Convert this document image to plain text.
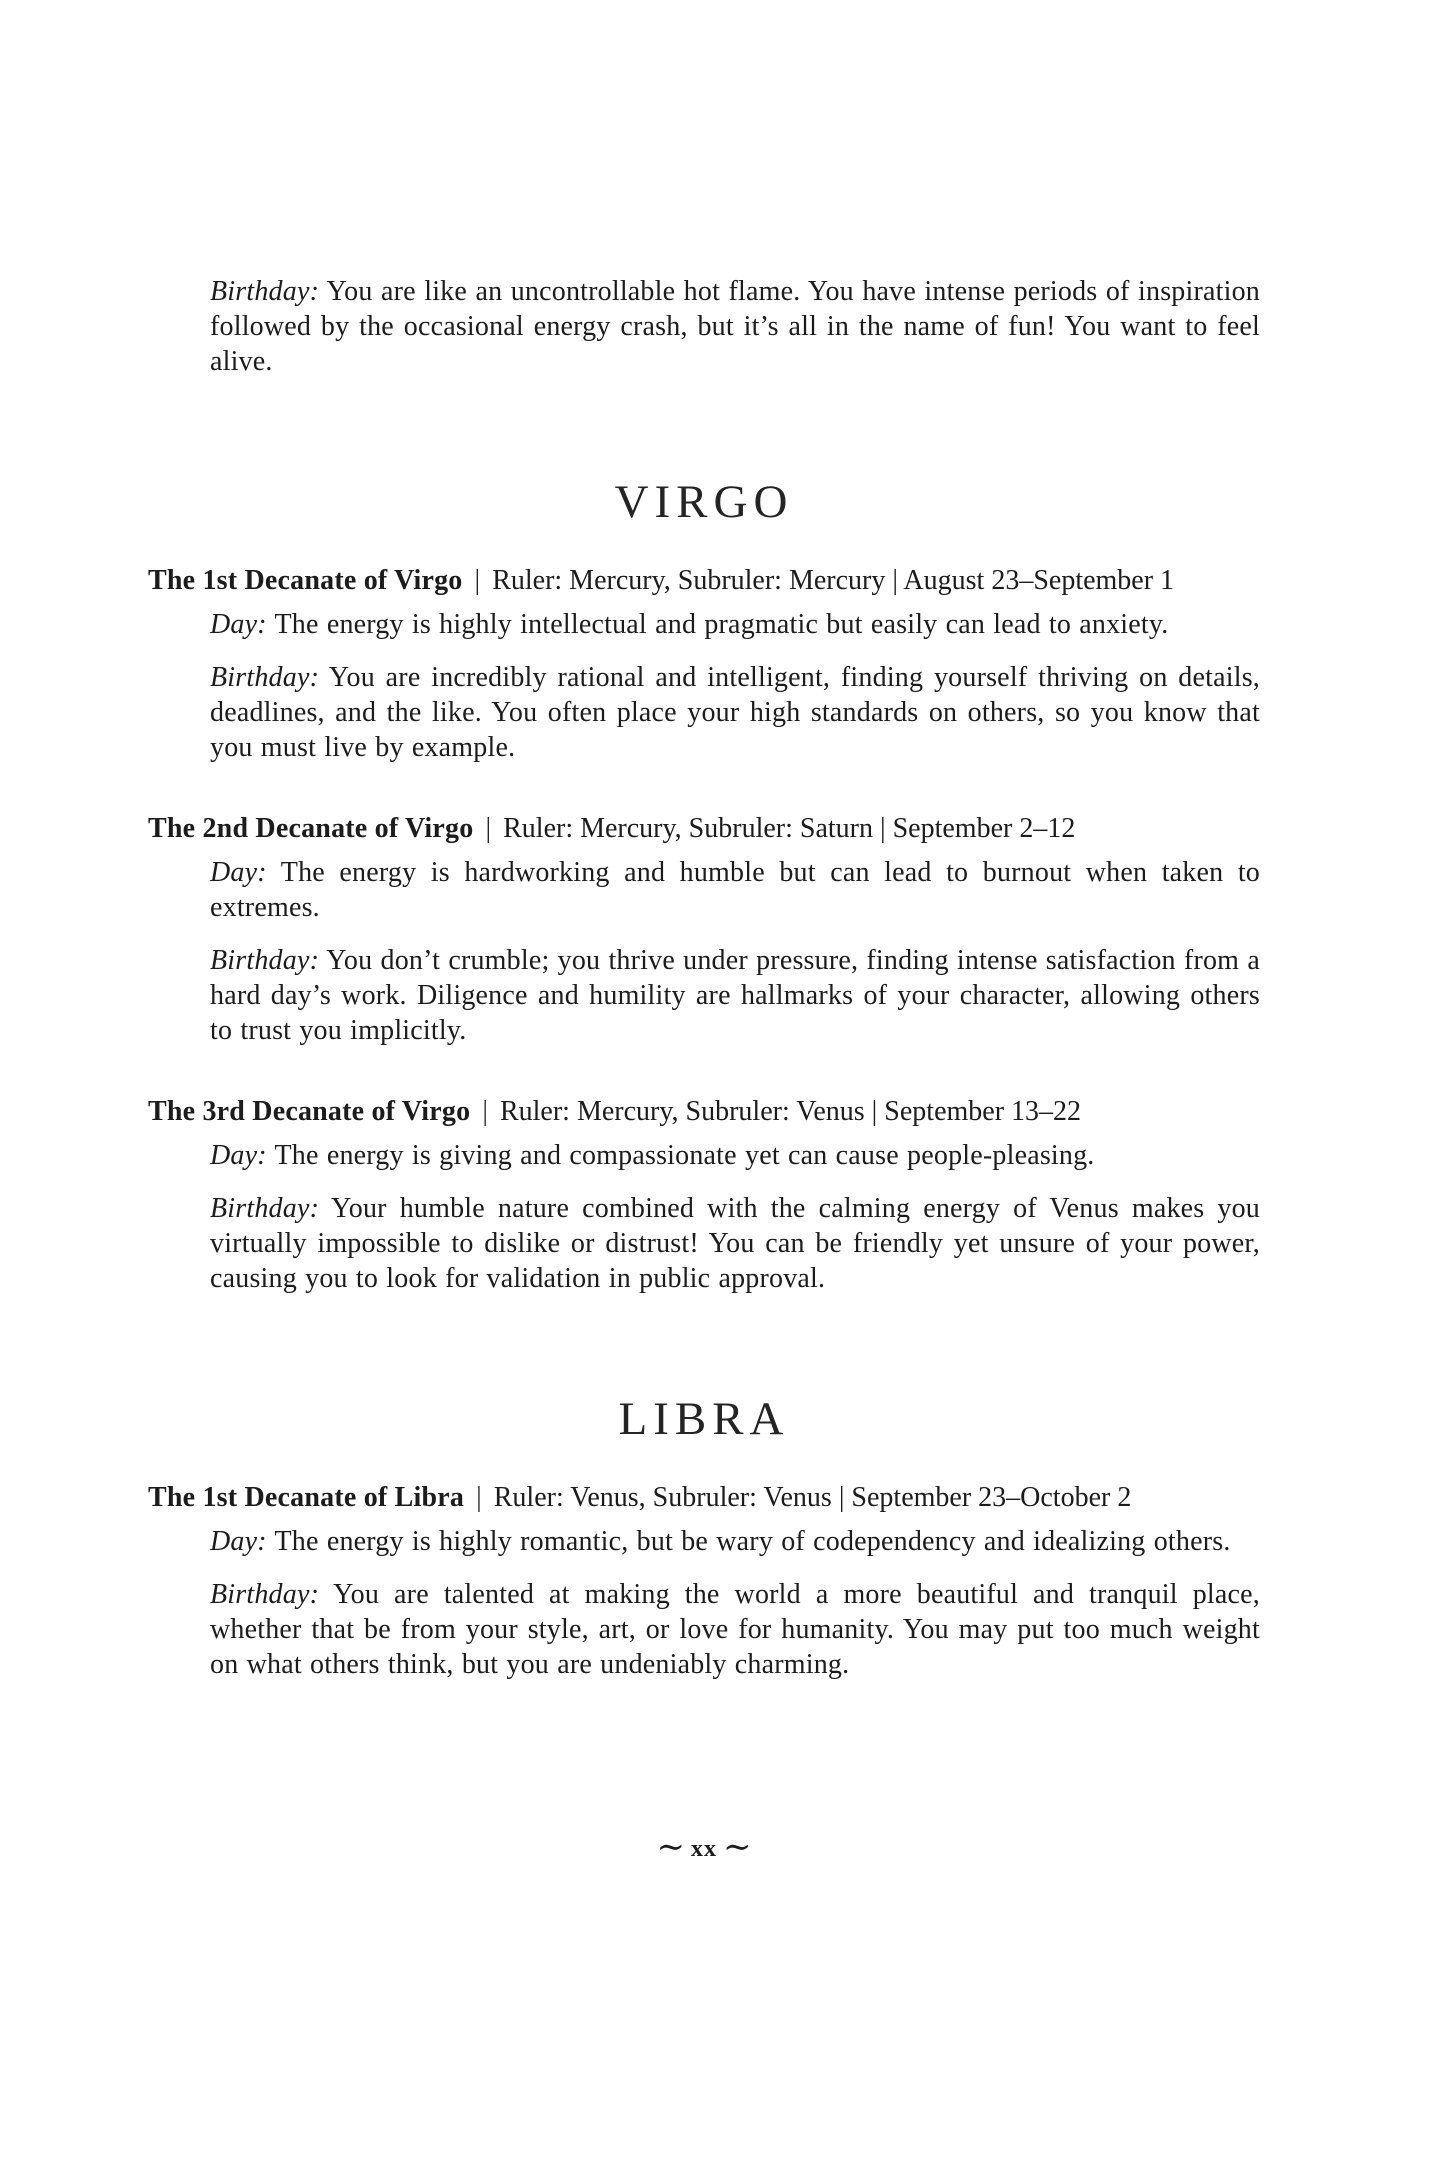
Birthday: You are like an uncontrollable hot flame. You have intense periods of inspiration followed by the occasional energy crash, but it’s all in the name of fun! You want to feel alive.

VIRGO

The 1st Decanate of Virgo | Ruler: Mercury, Subruler: Mercury | August 23–September 1

Day: The energy is highly intellectual and pragmatic but easily can lead to anxiety.

Birthday: You are incredibly rational and intelligent, finding yourself thriving on details, deadlines, and the like. You often place your high standards on others, so you know that you must live by example.

The 2nd Decanate of Virgo | Ruler: Mercury, Subruler: Saturn | September 2–12

Day: The energy is hardworking and humble but can lead to burnout when taken to extremes.

Birthday: You don’t crumble; you thrive under pressure, finding intense satisfaction from a hard day’s work. Diligence and humility are hallmarks of your character, allowing others to trust you implicitly.

The 3rd Decanate of Virgo | Ruler: Mercury, Subruler: Venus | September 13–22

Day: The energy is giving and compassionate yet can cause people-pleasing.

Birthday: Your humble nature combined with the calming energy of Venus makes you virtually impossible to dislike or distrust! You can be friendly yet unsure of your power, causing you to look for validation in public approval.

LIBRA

The 1st Decanate of Libra | Ruler: Venus, Subruler: Venus | September 23–October 2

Day: The energy is highly romantic, but be wary of codependency and idealizing others.

Birthday: You are talented at making the world a more beautiful and tranquil place, whether that be from your style, art, or love for humanity. You may put too much weight on what others think, but you are undeniably charming.

∼ xx ∼
